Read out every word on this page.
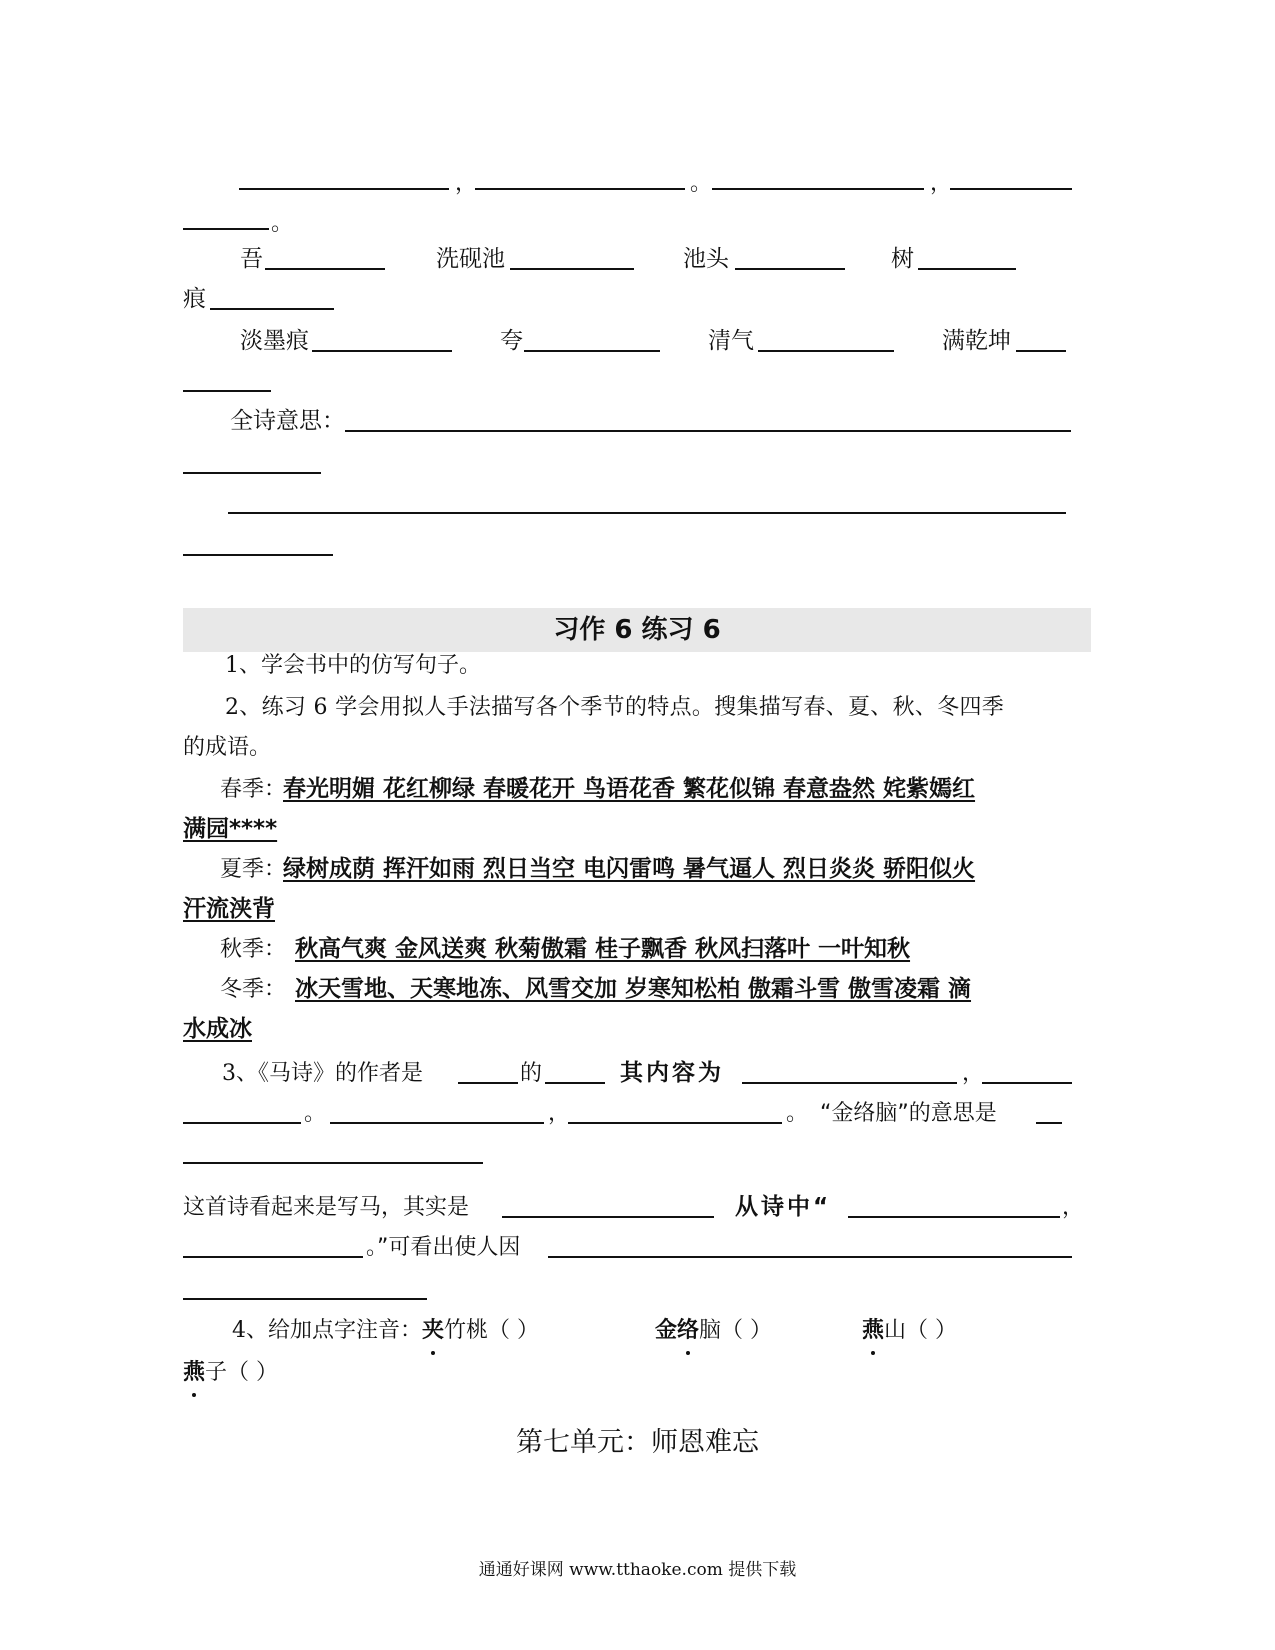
，	。	，
。
吾	洗砚池	池头	树
痕
淡墨痕	夸	清气	满乾坤
全诗意思：
习作 6 练习 6
1、学会书中的仿写句子。
2、练习 6 学会用拟人手法描写各个季节的特点。搜集描写春、夏、秋、冬四季
的成语。
春季：
春光明媚 花红柳绿 春暖花开 鸟语花香 繁花似锦 春意盎然 姹紫嫣红
满园****
夏季：
绿树成荫 挥汗如雨 烈日当空 电闪雷鸣 暑气逼人 烈日炎炎 骄阳似火
汗流浃背
秋季： 秋高气爽 金风送爽 秋菊傲霜 桂子飘香 秋风扫落叶 一叶知秋
冬季： 冰天雪地、天寒地冻、风雪交加 岁寒知松柏 傲霜斗雪 傲雪凌霜 滴
水成冰
3、《马诗》的作者是	的	其内容为	，
。	，	。 “金络脑”的意思是
这首诗看起来是写马，其实是	从诗中“	，
。”可看出使人因
4、给加点字注音：夹竹桃（ ）	金络脑（ ）	燕山（ ）
燕子（ ）
第七单元：师恩难忘
通通好课网 www.tthaoke.com 提供下载
